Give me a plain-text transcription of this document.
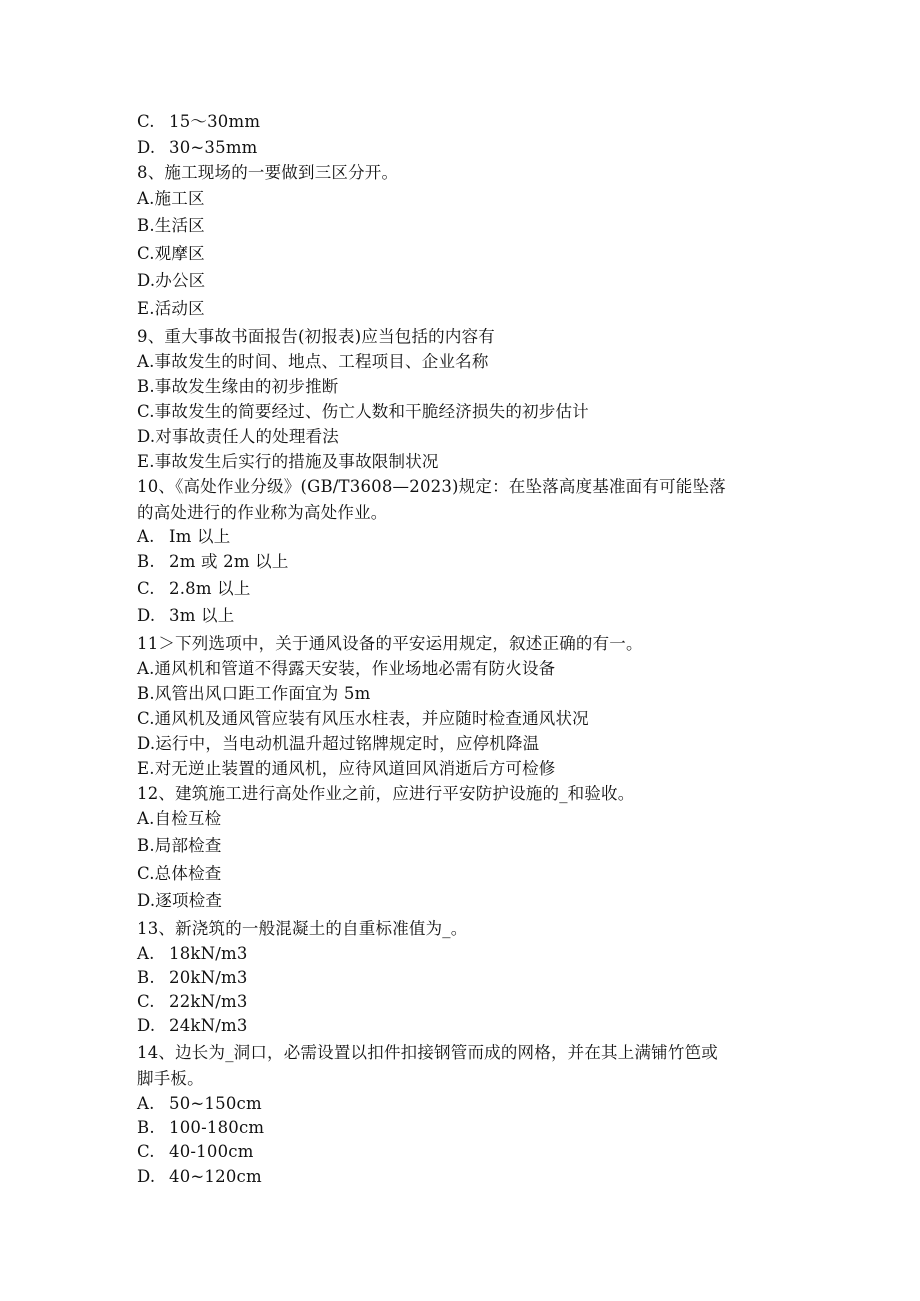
C. 15～30mm
D. 30~35mm
8、施工现场的一要做到三区分开。
A.施工区
B.生活区
C.观摩区
D.办公区
E.活动区
9、重大事故书面报告(初报表)应当包括的内容有
A.事故发生的时间、地点、工程项目、企业名称
B.事故发生缘由的初步推断
C.事故发生的简要经过、伤亡人数和干脆经济损失的初步估计
D.对事故责任人的处理看法
E.事故发生后实行的措施及事故限制状况
10、《高处作业分级》(GB/T3608—2023)规定：在坠落高度基准面有可能坠落
的高处进行的作业称为高处作业。
A. Im 以上
B. 2m 或 2m 以上
C. 2.8m 以上
D. 3m 以上
11＞下列选项中，关于通风设备的平安运用规定，叙述正确的有一。
A.通风机和管道不得露天安装，作业场地必需有防火设备
B.风管出风口距工作面宜为 5m
C.通风机及通风管应装有风压水柱表，并应随时检查通风状况
D.运行中，当电动机温升超过铭牌规定时，应停机降温
E.对无逆止装置的通风机，应待风道回风消逝后方可检修
12、建筑施工进行高处作业之前，应进行平安防护设施的_和验收。
A.自检互检
B.局部检查
C.总体检查
D.逐项检查
13、新浇筑的一般混凝土的自重标准值为_。
A. 18kN∕m3
B. 20kN∕m3
C. 22kN∕m3
D. 24kN∕m3
14、边长为_洞口，必需设置以扣件扣接钢管而成的网格，并在其上满铺竹笆或
脚手板。
A. 50~150cm
B. 100-180cm
C. 40-100cm
D. 40~120cm
